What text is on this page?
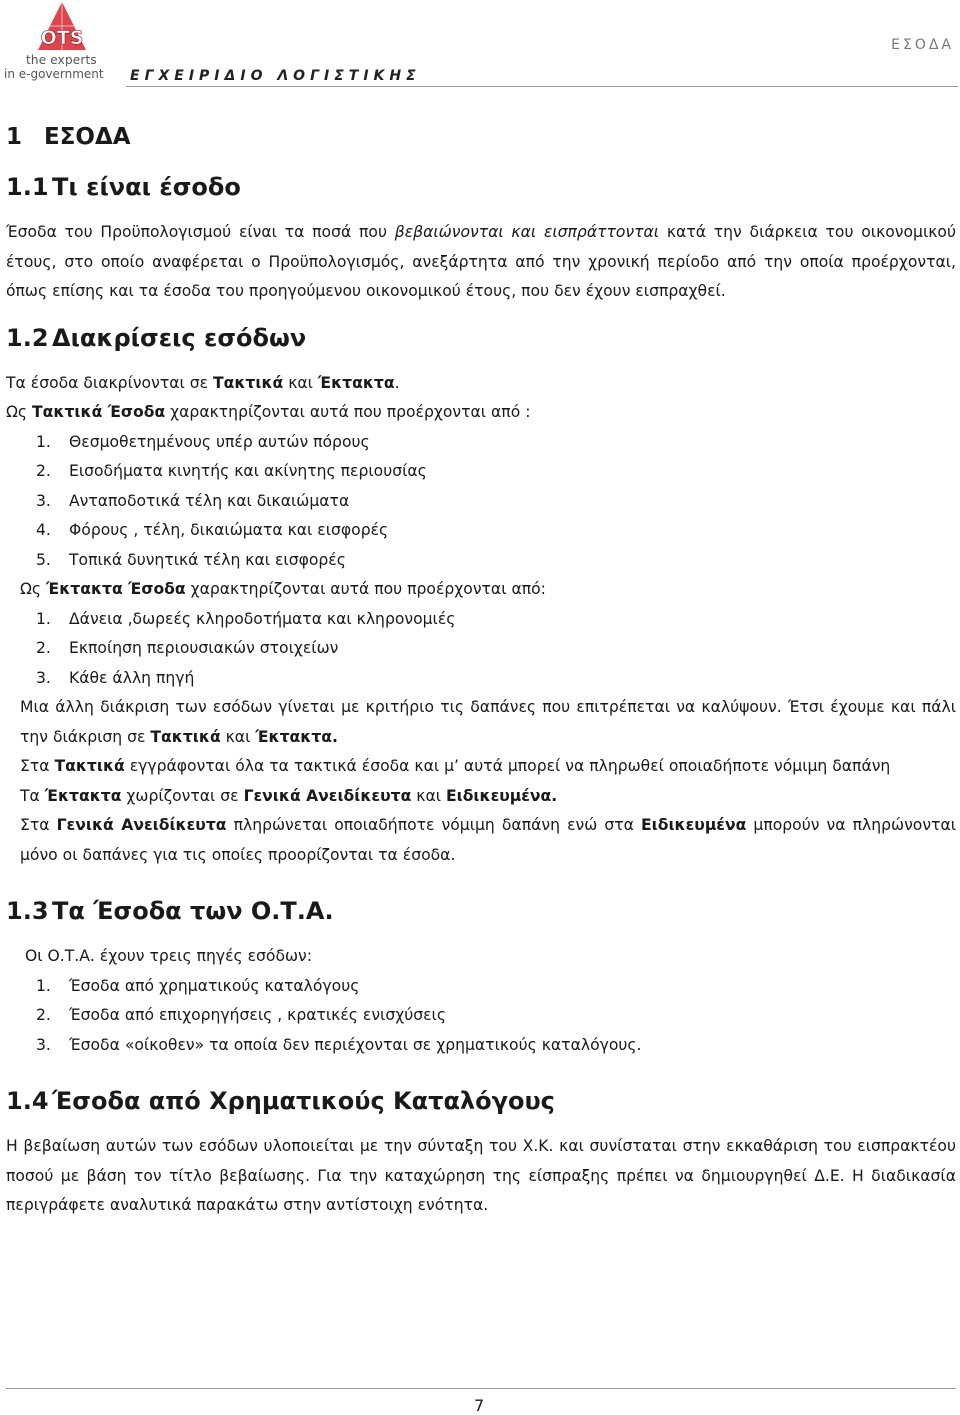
OTS
the experts
in e-government ΕΓΧΕΙΡΙΔΙΟ ΛΟΓΙΣΤΙΚΗΣ
ΕΣΟΔΑ
1 ΕΣΟΔΑ
1.1 Τι είναι έσοδο

Έσοδα του Προϋπολογισμού είναι τα ποσά που βεβαιώνονται και εισπράττονται κατά την διάρκεια του οικονομικού έτους, στο οποίο αναφέρεται ο Προϋπολογισμός, ανεξάρτητα από την χρονική περίοδο από την οποία προέρχονται, όπως επίσης και τα έσοδα του προηγούμενου οικονομικού έτους, που δεν έχουν εισπραχθεί.

1.2 Διακρίσεις εσόδων

Τα έσοδα διακρίνονται σε Τακτικά και Έκτακτα.

Ως Τακτικά Έσοδα χαρακτηρίζονται αυτά που προέρχονται από :

1. Θεσμοθετημένους υπέρ αυτών πόρους
2. Εισοδήματα κινητής και ακίνητης περιουσίας
3. Ανταποδοτικά τέλη και δικαιώματα
4. Φόρους , τέλη, δικαιώματα και εισφορές
5. Τοπικά δυνητικά τέλη και εισφορές

Ως Έκτακτα Έσοδα χαρακτηρίζονται αυτά που προέρχονται από:

1. Δάνεια ,δωρεές κληροδοτήματα και κληρονομιές
2. Εκποίηση περιουσιακών στοιχείων
3. Κάθε άλλη πηγή

Μια άλλη διάκριση των εσόδων γίνεται με κριτήριο τις δαπάνες που επιτρέπεται να καλύψουν. Έτσι έχουμε και πάλι την διάκριση σε Τακτικά και Έκτακτα.

Στα Τακτικά εγγράφονται όλα τα τακτικά έσοδα και μ’ αυτά μπορεί να πληρωθεί οποιαδήποτε νόμιμη δαπάνη

Τα Έκτακτα χωρίζονται σε Γενικά Ανειδίκευτα και Ειδικευμένα.

Στα Γενικά Ανειδίκευτα πληρώνεται οποιαδήποτε νόμιμη δαπάνη ενώ στα Ειδικευμένα μπορούν να πληρώνονται μόνο οι δαπάνες για τις οποίες προορίζονται τα έσοδα.

1.3 Τα Έσοδα των Ο.Τ.Α.

Οι Ο.Τ.Α. έχουν τρεις πηγές εσόδων:

1. Έσοδα από χρηματικούς καταλόγους
2. Έσοδα από επιχορηγήσεις , κρατικές ενισχύσεις
3. Έσοδα «οίκοθεν» τα οποία δεν περιέχονται σε χρηματικούς καταλόγους.
1.4 Έσοδα από Χρηματικούς Καταλόγους

Η βεβαίωση αυτών των εσόδων υλοποιείται με την σύνταξη του Χ.Κ. και συνίσταται στην εκκαθάριση του εισπρακτέου ποσού με βάση τον τίτλο βεβαίωσης. Για την καταχώρηση της είσπραξης πρέπει να δημιουργηθεί Δ.Ε. Η διαδικασία περιγράφετε αναλυτικά παρακάτω στην αντίστοιχη ενότητα.

7
